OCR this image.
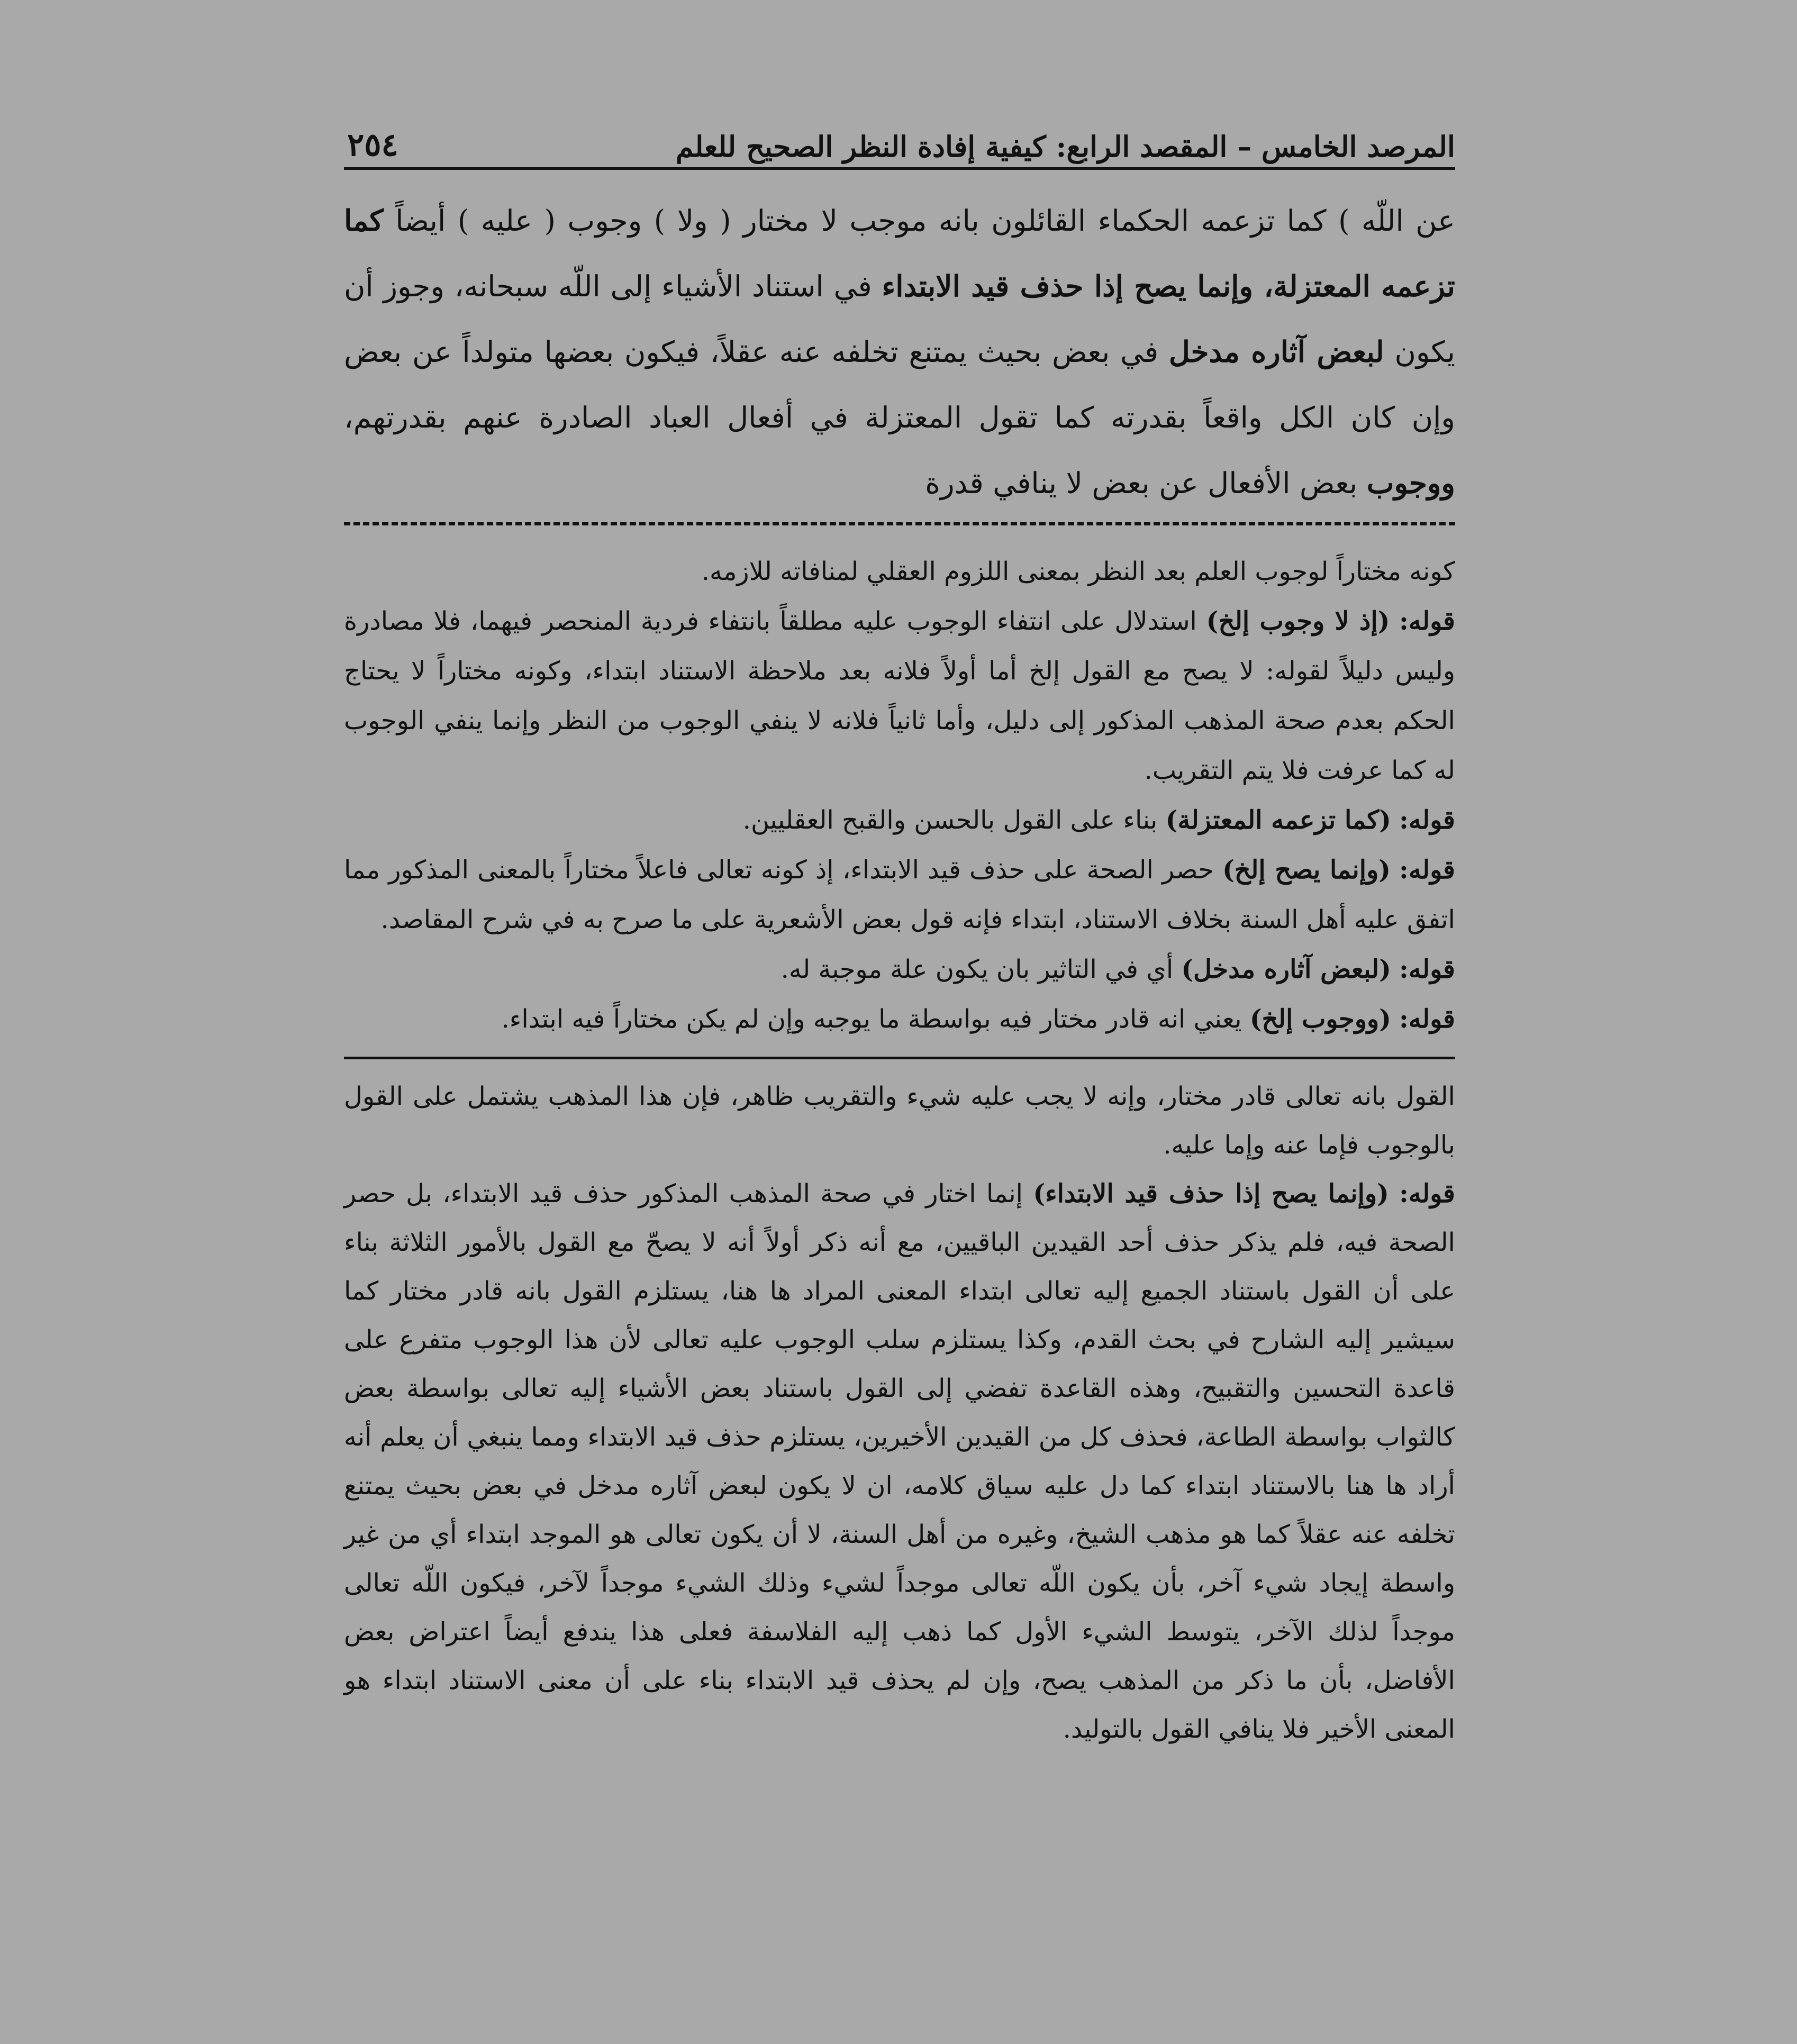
المرصد الخامس – المقصد الرابع: كيفية إفادة النظر الصحيح للعلم
٢٥٤
عن اللّه ) كما تزعمه الحكماء القائلون بانه موجب لا مختار ( ولا ) وجوب ( عليه ) أيضاً كما تزعمه المعتزلة، وإنما يصح إذا حذف قيد الابتداء في استناد الأشياء إلى اللّه سبحانه، وجوز أن يكون لبعض آثاره مدخل في بعض بحيث يمتنع تخلفه عنه عقلاً، فيكون بعضها متولداً عن بعض وإن كان الكل واقعاً بقدرته كما تقول المعتزلة في أفعال العباد الصادرة عنهم بقدرتهم، ووجوب بعض الأفعال عن بعض لا ينافي قدرة

كونه مختاراً لوجوب العلم بعد النظر بمعنى اللزوم العقلي لمنافاته للازمه.

قوله: (إذ لا وجوب إلخ) استدلال على انتفاء الوجوب عليه مطلقاً بانتفاء فردية المنحصر فيهما، فلا مصادرة وليس دليلاً لقوله: لا يصح مع القول إلخ أما أولاً فلانه بعد ملاحظة الاستناد ابتداء، وكونه مختاراً لا يحتاج الحكم بعدم صحة المذهب المذكور إلى دليل، وأما ثانياً فلانه لا ينفي الوجوب من النظر وإنما ينفي الوجوب له كما عرفت فلا يتم التقريب.

قوله: (كما تزعمه المعتزلة) بناء على القول بالحسن والقبح العقليين.

قوله: (وإنما يصح إلخ) حصر الصحة على حذف قيد الابتداء، إذ كونه تعالى فاعلاً مختاراً بالمعنى المذكور مما اتفق عليه أهل السنة بخلاف الاستناد، ابتداء فإنه قول بعض الأشعرية على ما صرح به في شرح المقاصد.

قوله: (لبعض آثاره مدخل) أي في التاثير بان يكون علة موجبة له.

قوله: (ووجوب إلخ) يعني انه قادر مختار فيه بواسطة ما يوجبه وإن لم يكن مختاراً فيه ابتداء.

القول بانه تعالى قادر مختار، وإنه لا يجب عليه شيء والتقريب ظاهر، فإن هذا المذهب يشتمل على القول بالوجوب فإما عنه وإما عليه.

قوله: (وإنما يصح إذا حذف قيد الابتداء) إنما اختار في صحة المذهب المذكور حذف قيد الابتداء، بل حصر الصحة فيه، فلم يذكر حذف أحد القيدين الباقيين، مع أنه ذكر أولاً أنه لا يصحّ مع القول بالأمور الثلاثة بناء على أن القول باستناد الجميع إليه تعالى ابتداء المعنى المراد ها هنا، يستلزم القول بانه قادر مختار كما سيشير إليه الشارح في بحث القدم، وكذا يستلزم سلب الوجوب عليه تعالى لأن هذا الوجوب متفرع على قاعدة التحسين والتقبيح، وهذه القاعدة تفضي إلى القول باستناد بعض الأشياء إليه تعالى بواسطة بعض كالثواب بواسطة الطاعة، فحذف كل من القيدين الأخيرين، يستلزم حذف قيد الابتداء ومما ينبغي أن يعلم أنه أراد ها هنا بالاستناد ابتداء كما دل عليه سياق كلامه، ان لا يكون لبعض آثاره مدخل في بعض بحيث يمتنع تخلفه عنه عقلاً كما هو مذهب الشيخ، وغيره من أهل السنة، لا أن يكون تعالى هو الموجد ابتداء أي من غير واسطة إيجاد شيء آخر، بأن يكون اللّه تعالى موجداً لشيء وذلك الشيء موجداً لآخر، فيكون اللّه تعالى موجداً لذلك الآخر، يتوسط الشيء الأول كما ذهب إليه الفلاسفة فعلى هذا يندفع أيضاً اعتراض بعض الأفاضل، بأن ما ذكر من المذهب يصح، وإن لم يحذف قيد الابتداء بناء على أن معنى الاستناد ابتداء هو المعنى الأخير فلا ينافي القول بالتوليد.
